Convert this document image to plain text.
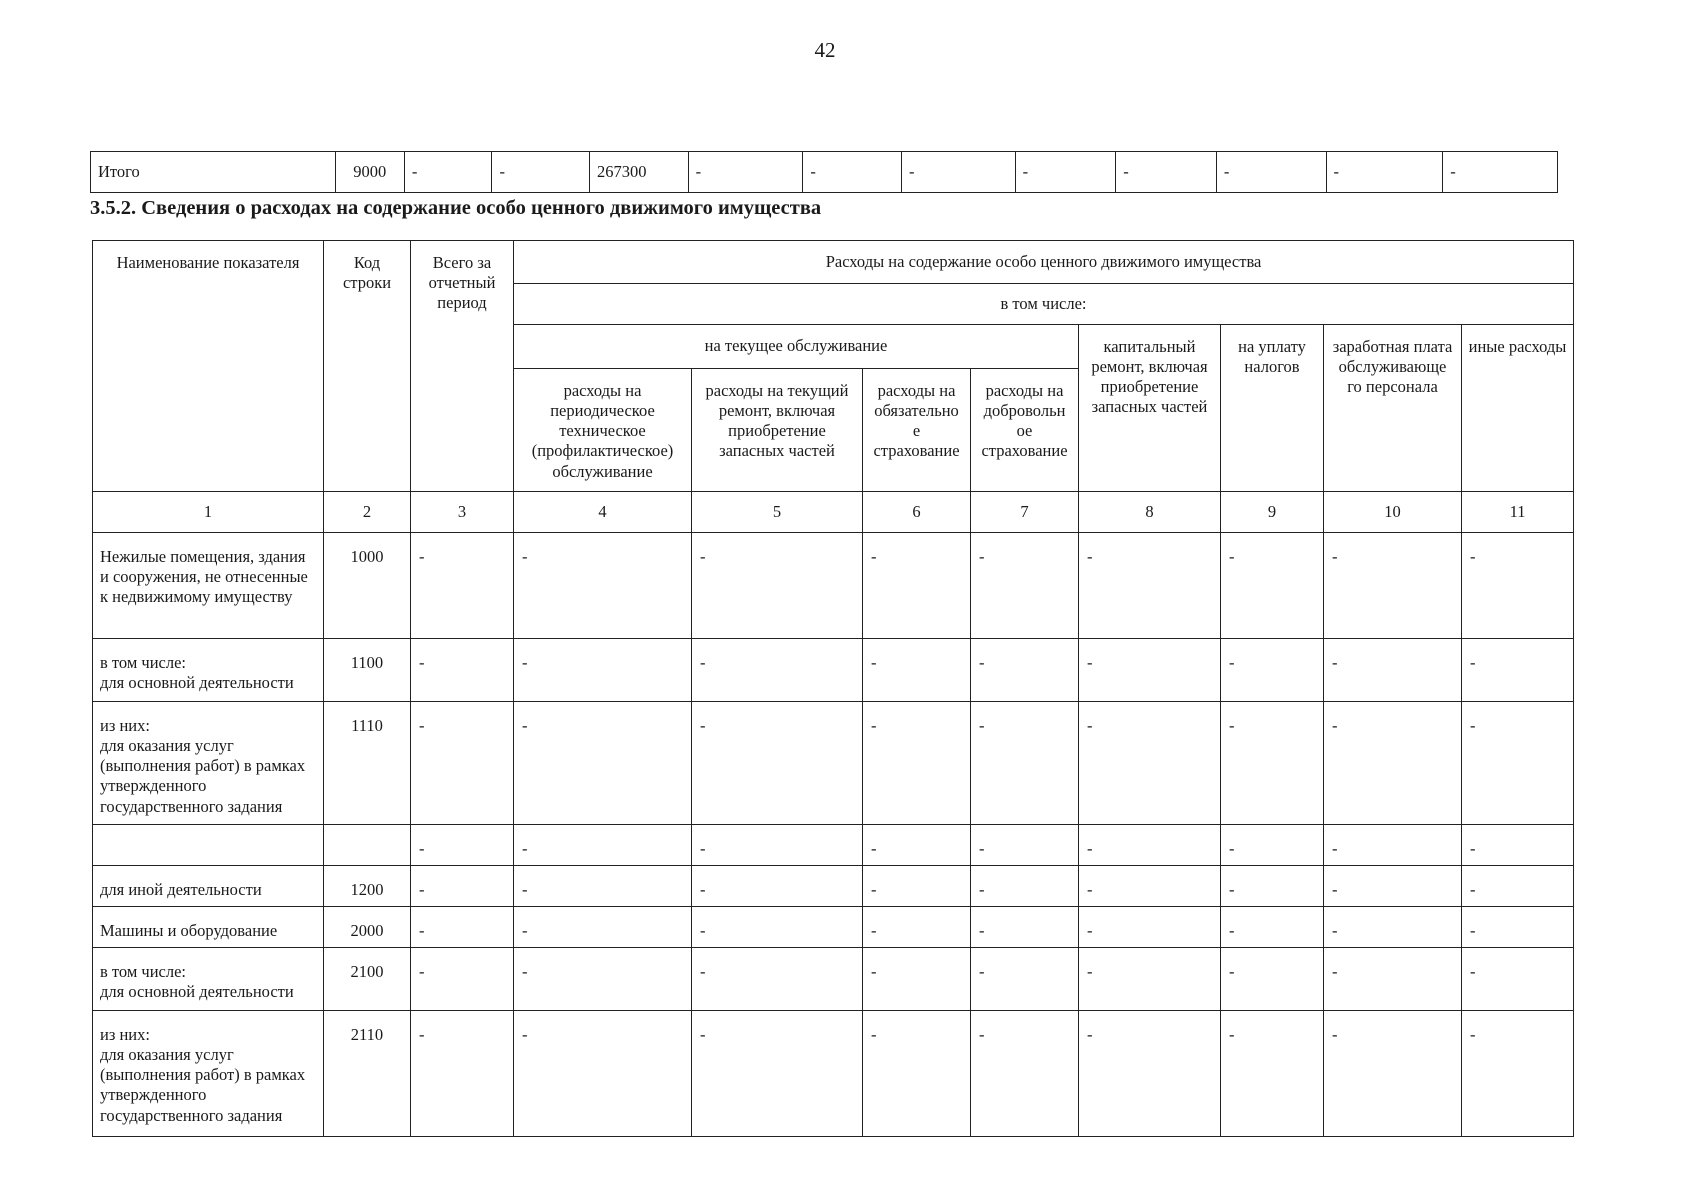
42
Итого	9000	-	-	267300	-	-	-	-	-	-	-	-
3.5.2. Сведения о расходах на содержание особо ценного движимого имущества
Наименование показателя	Код строки	Всего за отчетный период	Расходы на содержание особо ценного движимого имущества							
			в том числе:							
			на текущее обслуживание				капитальный ремонт, включая приобретение запасных частей	на уплату налогов	заработная плата обслуживающе го персонала	иные расходы
			расходы на периодическое техническое (профилактическое) обслуживание	расходы на текущий ремонт, включая приобретение запасных частей	расходы на обязательно е страхование	расходы на добровольн ое страхование				
1	2	3	4	5	6	7	8	9	10	11
Нежилые помещения, здания и сооружения, не отнесенные к недвижимому имуществу	1000	-	-	-	-	-	-	-	-	-
в том числе:
для основной деятельности	1100	-	-	-	-	-	-	-	-	-
из них:
для оказания услуг (выполнения работ) в рамках утвержденного государственного задания	1110	-	-	-	-	-	-	-	-	-
		-	-	-	-	-	-	-	-	-
для иной деятельности	1200	-	-	-	-	-	-	-	-	-
Машины и оборудование	2000	-	-	-	-	-	-	-	-	-
в том числе:
для основной деятельности	2100	-	-	-	-	-	-	-	-	-
из них:
для оказания услуг (выполнения работ) в рамках утвержденного государственного задания	2110	-	-	-	-	-	-	-	-	-
